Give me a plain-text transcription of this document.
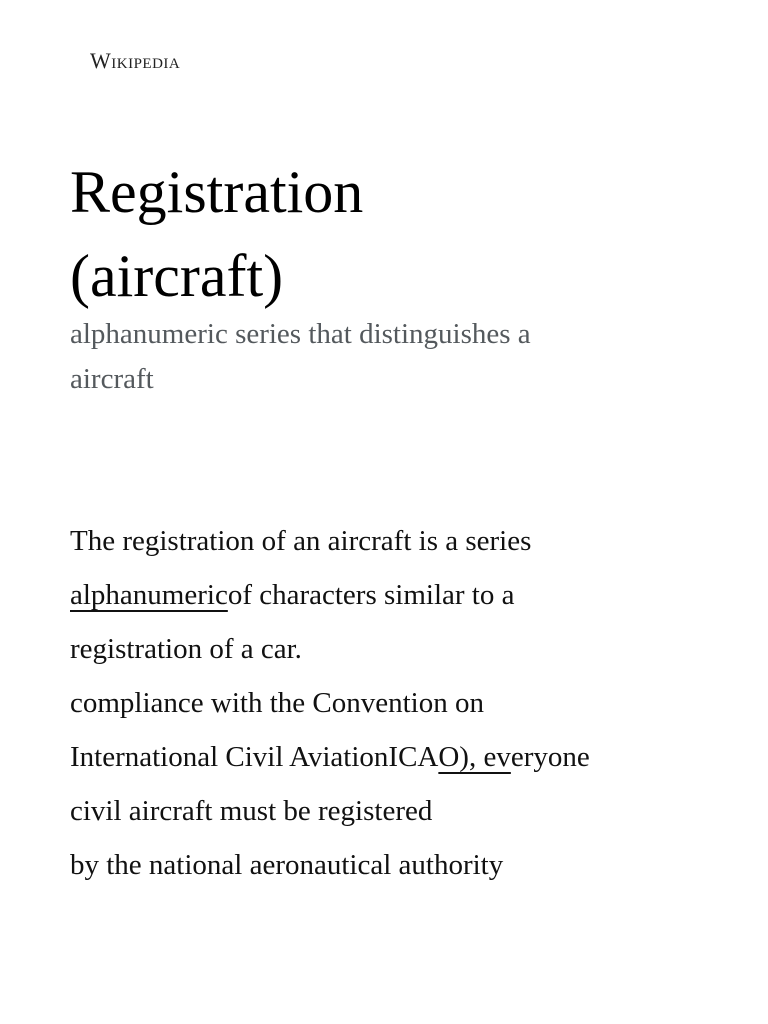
Wikipedia
Registration
(aircraft)

alphanumeric series that distinguishes a
aircraft

The registration of an aircraft is a series
alphanumericof characters similar to a
registration of a car.
compliance with the Convention on
International Civil AviationICAO), everyone
civil aircraft must be registered
by the national aeronautical authority
